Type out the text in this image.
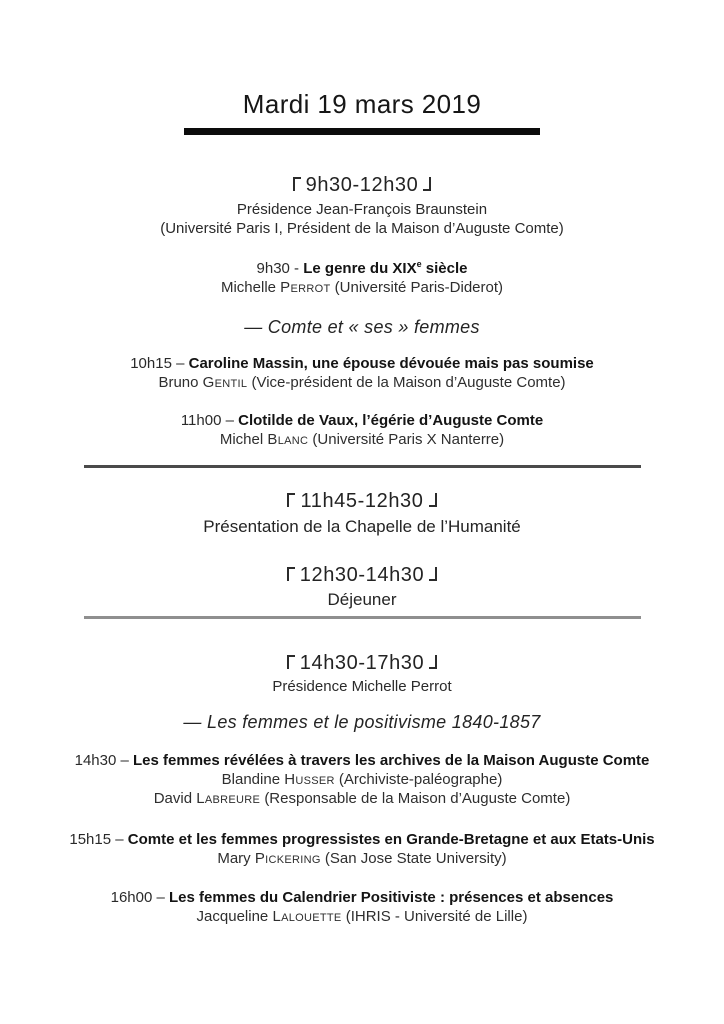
Mardi 19 mars 2019
9h30-12h30
Présidence Jean-François Braunstein
(Université Paris I, Président de la Maison d’Auguste Comte)
9h30 - Le genre du XIXe siècle
Michelle Perrot (Université Paris-Diderot)
— Comte et « ses » femmes
10h15 – Caroline Massin, une épouse dévouée mais pas soumise
Bruno Gentil (Vice-président de la Maison d’Auguste Comte)
11h00 – Clotilde de Vaux, l’égérie d’Auguste Comte
Michel Blanc (Université Paris X Nanterre)
11h45-12h30
Présentation de la Chapelle de l’Humanité
12h30-14h30
Déjeuner
14h30-17h30
Présidence Michelle Perrot
— Les femmes et le positivisme 1840-1857
14h30 – Les femmes révélées à travers les archives de la Maison Auguste Comte
Blandine Husser (Archiviste-paléographe)
David Labreure (Responsable de la Maison d’Auguste Comte)
15h15 – Comte et les femmes progressistes en Grande-Bretagne et aux Etats-Unis
Mary Pickering (San Jose State University)
16h00 – Les femmes du Calendrier Positiviste : présences et absences
Jacqueline Lalouette (IHRIS - Université de Lille)
